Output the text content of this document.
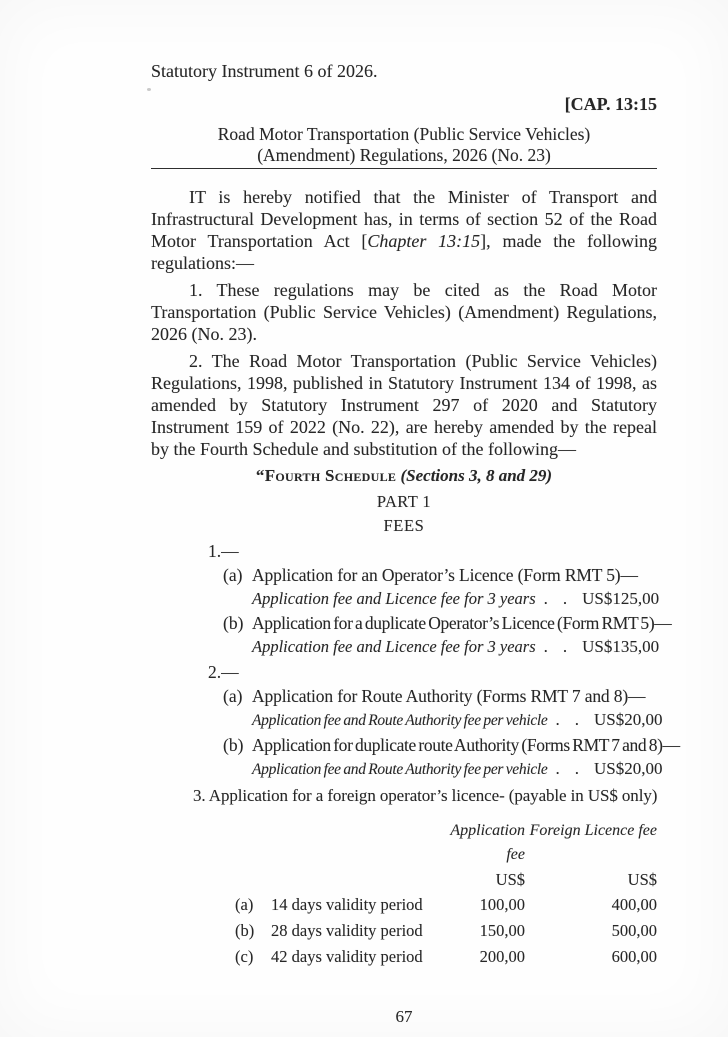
Statutory Instrument 6 of 2026.
[CAP. 13:15
Road Motor Transportation (Public Service Vehicles)
(Amendment) Regulations, 2026 (No. 23)

IT is hereby notified that the Minister of Transport and Infrastructural Development has, in terms of section 52 of the Road Motor Transportation Act [Chapter 13:15], made the following regulations:—

1. These regulations may be cited as the Road Motor Transportation (Public Service Vehicles) (Amendment) Regulations, 2026 (No. 23).

2. The Road Motor Transportation (Public Service Vehicles) Regulations, 1998, published in Statutory Instrument 134 of 1998, as amended by Statutory Instrument 297 of 2020 and Statutory Instrument 159 of 2022 (No. 22), are hereby amended by the repeal by the Fourth Schedule and substitution of the following—

“Fourth Schedule (Sections 3, 8 and 29)
PART 1
FEES
1.—
(a) Application for an Operator’s Licence (Form RMT 5)—
Application fee and Licence fee for 3 years . . US$125,00
(b) Application for a duplicate Operator’s Licence (Form RMT 5)—
Application fee and Licence fee for 3 years . . US$135,00
2.—
(a) Application for Route Authority (Forms RMT 7 and 8)—
Application fee and Route Authority fee per vehicle . . US$20,00
(b) Application for duplicate route Authority (Forms RMT 7 and 8)—
Application fee and Route Authority fee per vehicle . . US$20,00
3. Application for a foreign operator’s licence- (payable in US$ only)
Application fee
Foreign Licence fee
US$	US$
(a)	14 days validity period	100,00	400,00
(b)	28 days validity period	150,00	500,00
(c)	42 days validity period	200,00	600,00
67
